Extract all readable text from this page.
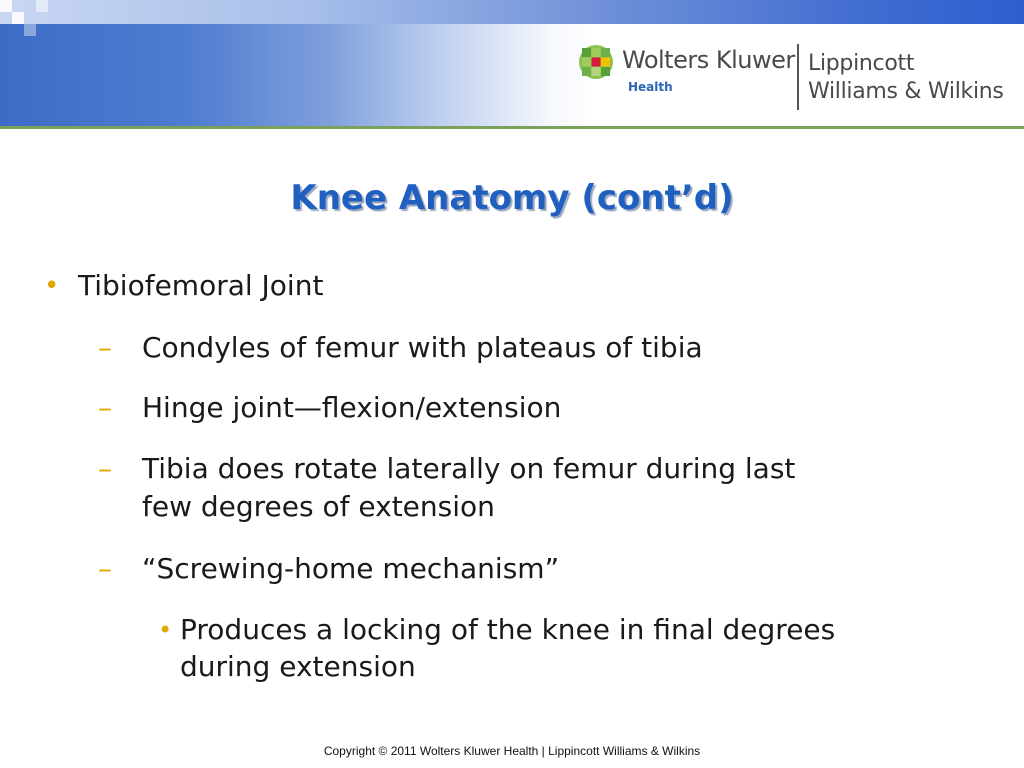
Wolters Kluwer
Health
Lippincott
Williams & Wilkins
Knee Anatomy (cont’d)
• Tibiofemoral Joint
– Condyles of femur with plateaus of tibia
– Hinge joint—flexion/extension
– Tibia does rotate laterally on femur during last
few degrees of extension
– “Screwing-home mechanism”
• Produces a locking of the knee in final degrees
during extension
Copyright © 2011 Wolters Kluwer Health | Lippincott Williams & Wilkins
